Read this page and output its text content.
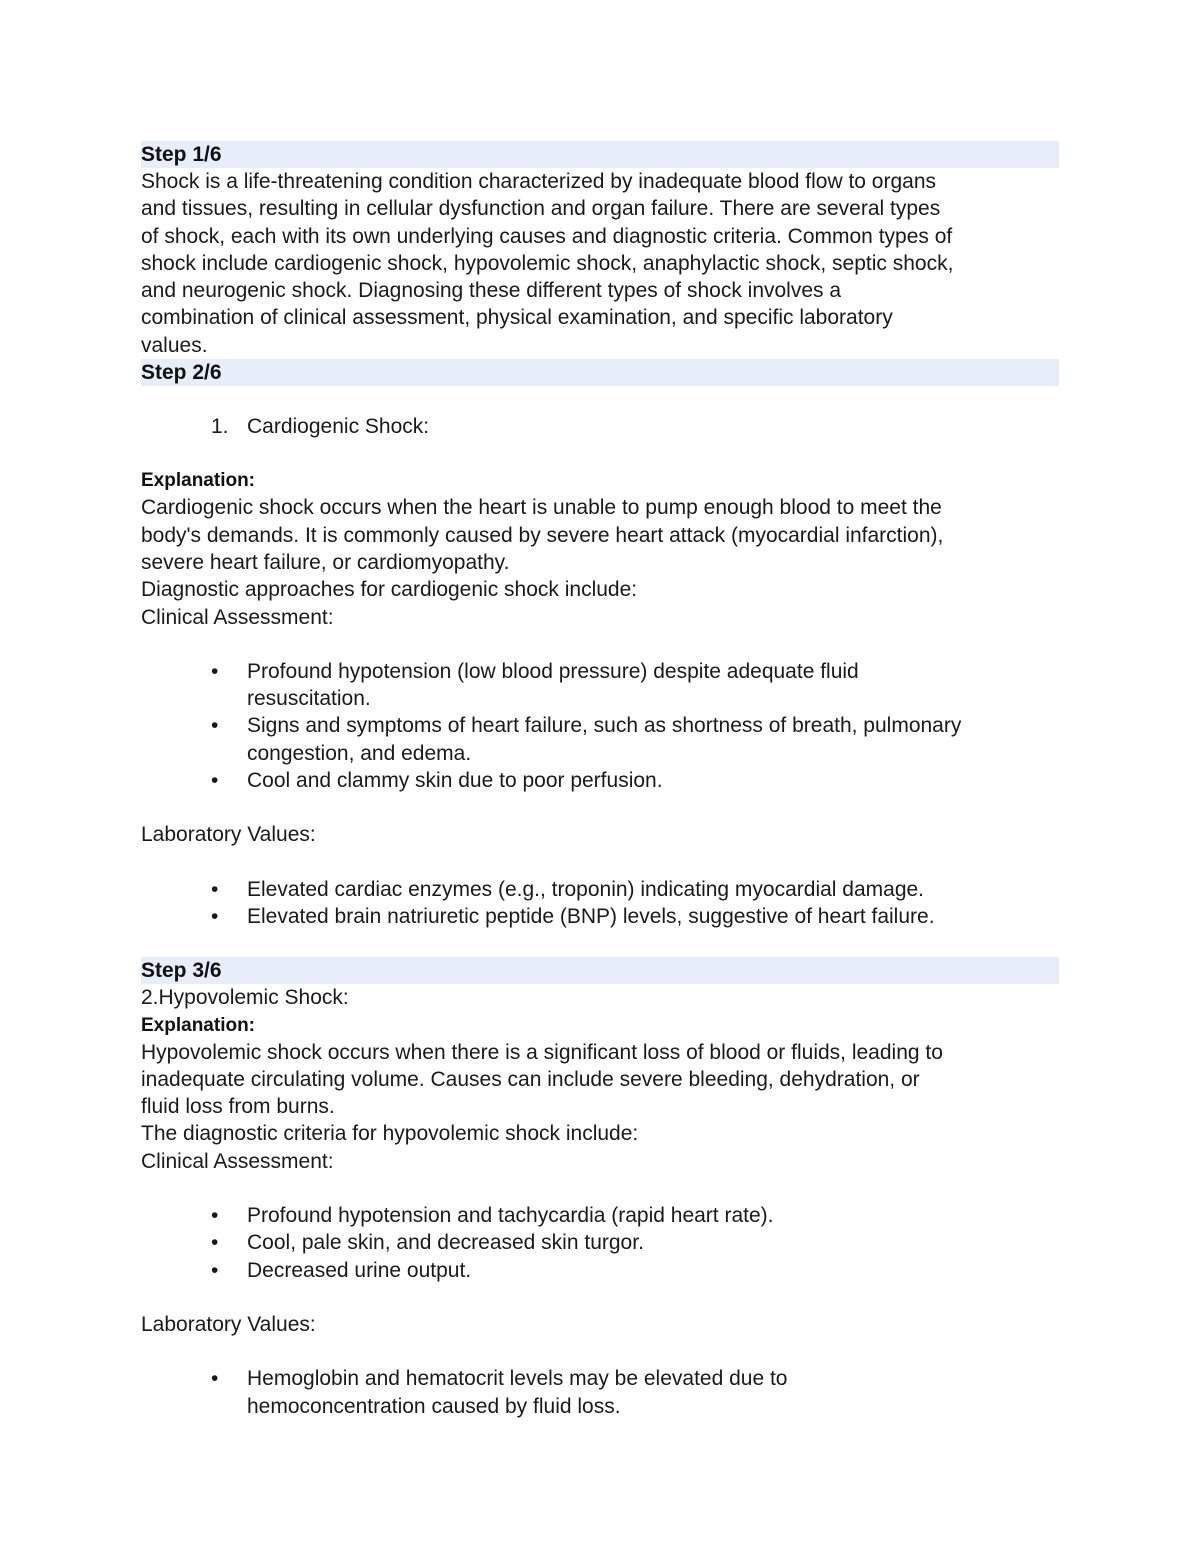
Step 1/6

Shock is a life-threatening condition characterized by inadequate blood flow to organs

and tissues, resulting in cellular dysfunction and organ failure. There are several types

of shock, each with its own underlying causes and diagnostic criteria. Common types of

shock include cardiogenic shock, hypovolemic shock, anaphylactic shock, septic shock,

and neurogenic shock. Diagnosing these different types of shock involves a

combination of clinical assessment, physical examination, and specific laboratory

values.

Step 2/6
1. Cardiogenic Shock:

Explanation:

Cardiogenic shock occurs when the heart is unable to pump enough blood to meet the

body's demands. It is commonly caused by severe heart attack (myocardial infarction),

severe heart failure, or cardiomyopathy.

Diagnostic approaches for cardiogenic shock include:

Clinical Assessment:

• Profound hypotension (low blood pressure) despite adequate fluid
resuscitation.
• Signs and symptoms of heart failure, such as shortness of breath, pulmonary
congestion, and edema.
• Cool and clammy skin due to poor perfusion.

Laboratory Values:

• Elevated cardiac enzymes (e.g., troponin) indicating myocardial damage.
• Elevated brain natriuretic peptide (BNP) levels, suggestive of heart failure.
Step 3/6

2.Hypovolemic Shock:

Explanation:

Hypovolemic shock occurs when there is a significant loss of blood or fluids, leading to

inadequate circulating volume. Causes can include severe bleeding, dehydration, or

fluid loss from burns.

The diagnostic criteria for hypovolemic shock include:

Clinical Assessment:

• Profound hypotension and tachycardia (rapid heart rate).
• Cool, pale skin, and decreased skin turgor.
• Decreased urine output.

Laboratory Values:

• Hemoglobin and hematocrit levels may be elevated due to
hemoconcentration caused by fluid loss.
